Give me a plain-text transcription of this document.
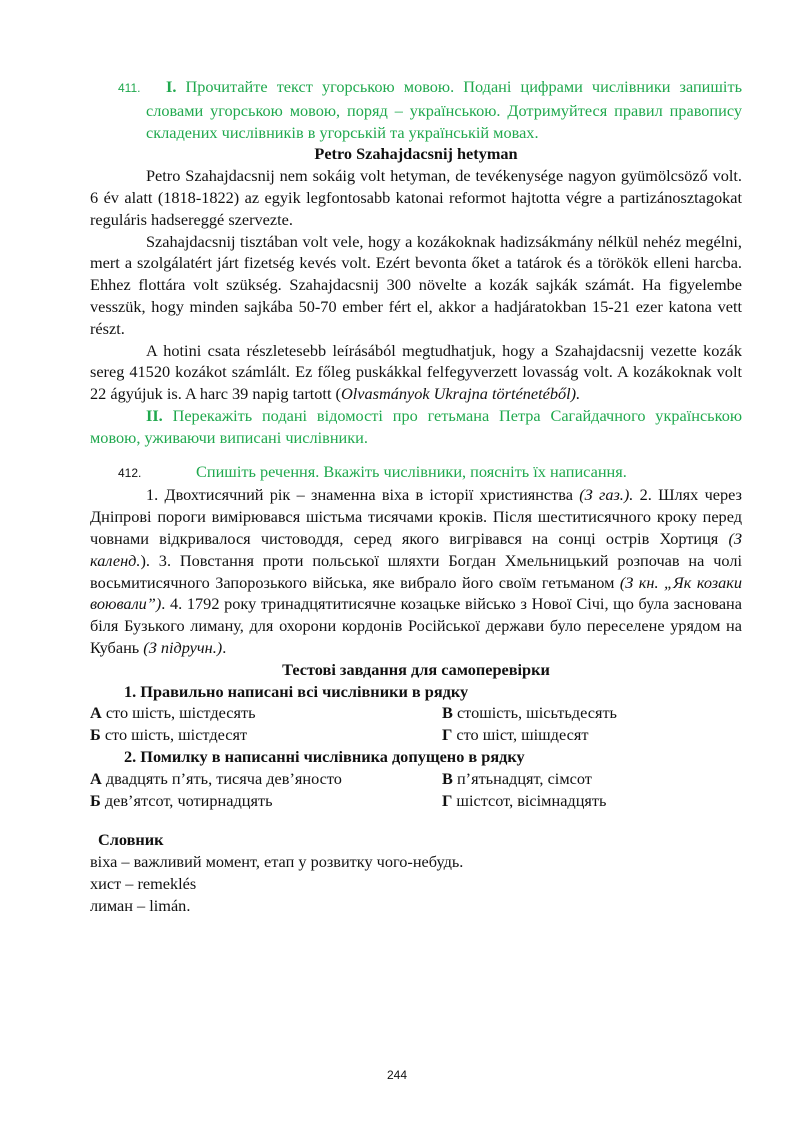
411. I. Прочитайте текст угорською мовою. Подані цифрами числівники запишіть словами угорською мовою, поряд – українською. Дотримуйтеся правил правопису складених числівників в угорській та українській мовах.

Petro Szahajdacsnij hetyman

Petro Szahajdacsnij nem sokáig volt hetyman, de tevékenysége nagyon gyümölcsöző volt. 6 év alatt (1818-1822) az egyik legfontosabb katonai reformot hajtotta végre a partizánosztagokat reguláris hadsereggé szervezte.

Szahajdacsnij tisztában volt vele, hogy a kozákoknak hadizsákmány nélkül nehéz megélni, mert a szolgálatért járt fizetség kevés volt. Ezért bevonta őket a tatárok és a törökök elleni harcba. Ehhez flottára volt szükség. Szahajdacsnij 300 növelte a kozák sajkák számát. Ha figyelembe vesszük, hogy minden sajkába 50-70 ember fért el, akkor a hadjáratokban 15-21 ezer katona vett részt.

A hotini csata részletesebb leírásából megtudhatjuk, hogy a Szahajdacsnij vezette kozák sereg 41520 kozákot számlált. Ez főleg puskákkal felfegyverzett lovasság volt. A kozákoknak volt 22 ágyújuk is. A harc 39 napig tartott (Olvasmányok Ukrajna történetéből).

II. Перекажіть подані відомості про гетьмана Петра Сагайдачного українською мовою, уживаючи виписані числівники.

412.	Спишіть речення. Вкажіть числівники, поясніть їх написання.

1. Двохтисячний рік – знаменна віха в історії християнства (З газ.). 2. Шлях через Дніпрові пороги вимірювався шістьма тисячами кроків. Після шеститисячного кроку перед човнами відкривалося чистоводдя, серед якого вигрівався на сонці острів Хортиця (З календ.). 3. Повстання проти польської шляхти Богдан Хмельницький розпочав на чолі восьмитисячного Запорозького війська, яке вибрало його своїм гетьманом (З кн. „Як козаки воювали”). 4. 1792 року тринадцятитисячне козацьке військо з Нової Січі, що була заснована біля Бузького лиману, для охорони кордонів Російської держави було переселене урядом на Кубань (З підручн.).

Тестові завдання для самоперевірки

1. Правильно написані всі числівники в рядку

А сто шість, шістдесять	В стошість, шісьтьдесять
Б сто шість, шістдесят	Г сто шіст, шішдесят

2. Помилку в написанні числівника допущено в рядку

А двадцять п’ять, тисяча дев’яносто	В п’ятьнадцят, сімсот
Б дев’ятсот, чотирнадцять	Г шістсот, вісімнадцять

Словник

віха – важливий момент, етап у розвитку чого-небудь.

хист – remeklés

лиман – limán.

244
